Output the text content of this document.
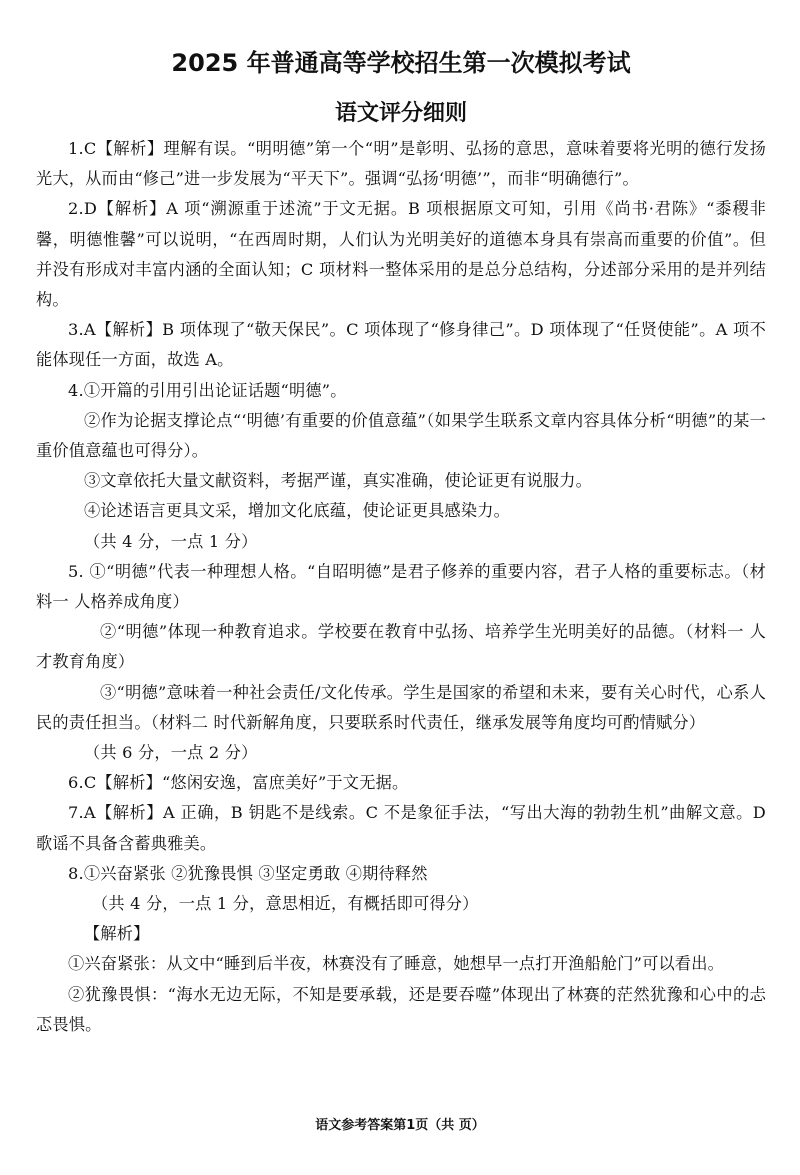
2025 年普通高等学校招生第一次模拟考试
语文评分细则

1.C【解析】理解有误。“明明德”第一个“明”是彰明、弘扬的意思，意味着要将光明的德行发扬光大，从而由“修己”进一步发展为“平天下”。强调“弘扬‘明德’”，而非“明确德行”。

2.D【解析】A 项“溯源重于述流”于文无据。B 项根据原文可知，引用《尚书·君陈》“黍稷非馨，明德惟馨”可以说明，“在西周时期，人们认为光明美好的道德本身具有崇高而重要的价值”。但并没有形成对丰富内涵的全面认知；C 项材料一整体采用的是总分总结构，分述部分采用的是并列结构。

3.A【解析】B 项体现了“敬天保民”。C 项体现了“修身律己”。D 项体现了“任贤使能”。A 项不能体现任一方面，故选 A。

4.①开篇的引用引出论证话题“明德”。

②作为论据支撑论点“‘明德’有重要的价值意蕴”（如果学生联系文章内容具体分析“明德”的某一重价值意蕴也可得分）。

③文章依托大量文献资料，考据严谨，真实准确，使论证更有说服力。

④论述语言更具文采，增加文化底蕴，使论证更具感染力。

（共 4 分，一点 1 分）

5. ①“明德”代表一种理想人格。“自昭明德”是君子修养的重要内容，君子人格的重要标志。（材料一 人格养成角度）

②“明德”体现一种教育追求。学校要在教育中弘扬、培养学生光明美好的品德。（材料一 人才教育角度）

③“明德”意味着一种社会责任/文化传承。学生是国家的希望和未来，要有关心时代，心系人民的责任担当。（材料二 时代新解角度，只要联系时代责任，继承发展等角度均可酌情赋分）

（共 6 分，一点 2 分）

6.C【解析】“悠闲安逸，富庶美好”于文无据。

7.A【解析】A 正确，B 钥匙不是线索。C 不是象征手法，“写出大海的勃勃生机”曲解文意。D 歌谣不具备含蓄典雅美。

8.①兴奋紧张 ②犹豫畏惧 ③坚定勇敢 ④期待释然

（共 4 分，一点 1 分，意思相近，有概括即可得分）

【解析】

①兴奋紧张：从文中“睡到后半夜，林赛没有了睡意，她想早一点打开渔船舱门”可以看出。

②犹豫畏惧：“海水无边无际，不知是要承载，还是要吞噬”体现出了林赛的茫然犹豫和心中的忐忑畏惧。

语文参考答案第1页（共 页）
